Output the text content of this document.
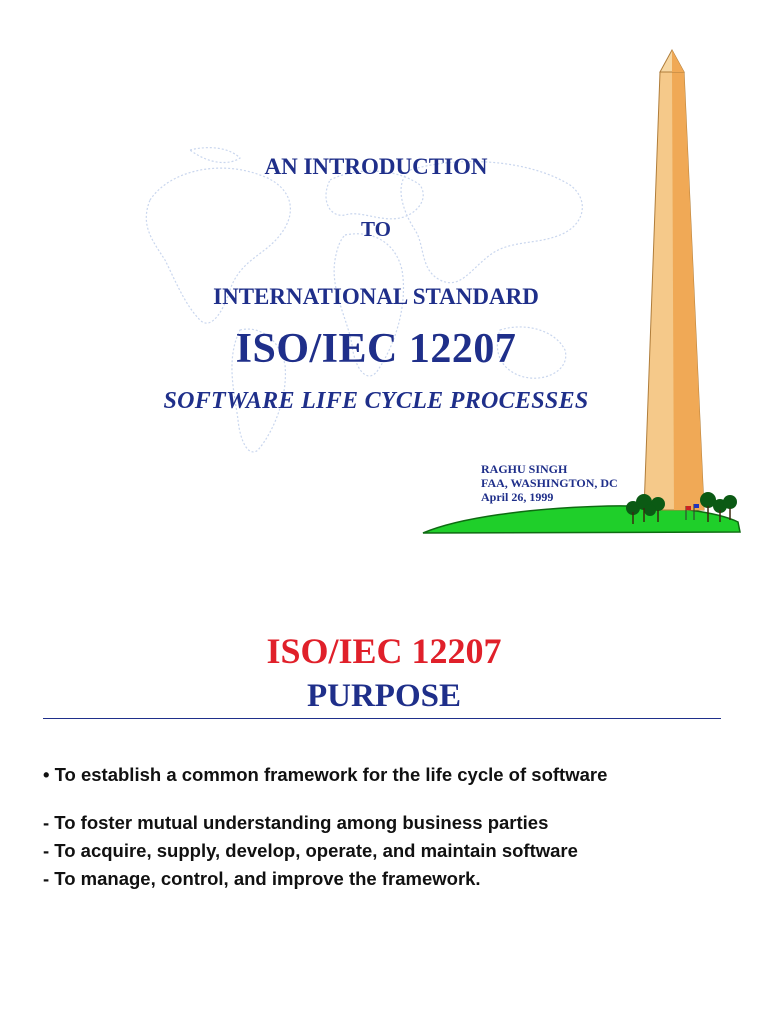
AN INTRODUCTION

TO

INTERNATIONAL STANDARD

ISO/IEC 12207

SOFTWARE LIFE CYCLE PROCESSES

RAGHU SINGH
FAA, WASHINGTON, DC
April 26, 1999

ISO/IEC 12207

PURPOSE

• To establish a common framework for the life cycle of software

- To foster mutual understanding among business parties

- To acquire, supply, develop, operate, and maintain software

- To manage, control, and improve the framework.
